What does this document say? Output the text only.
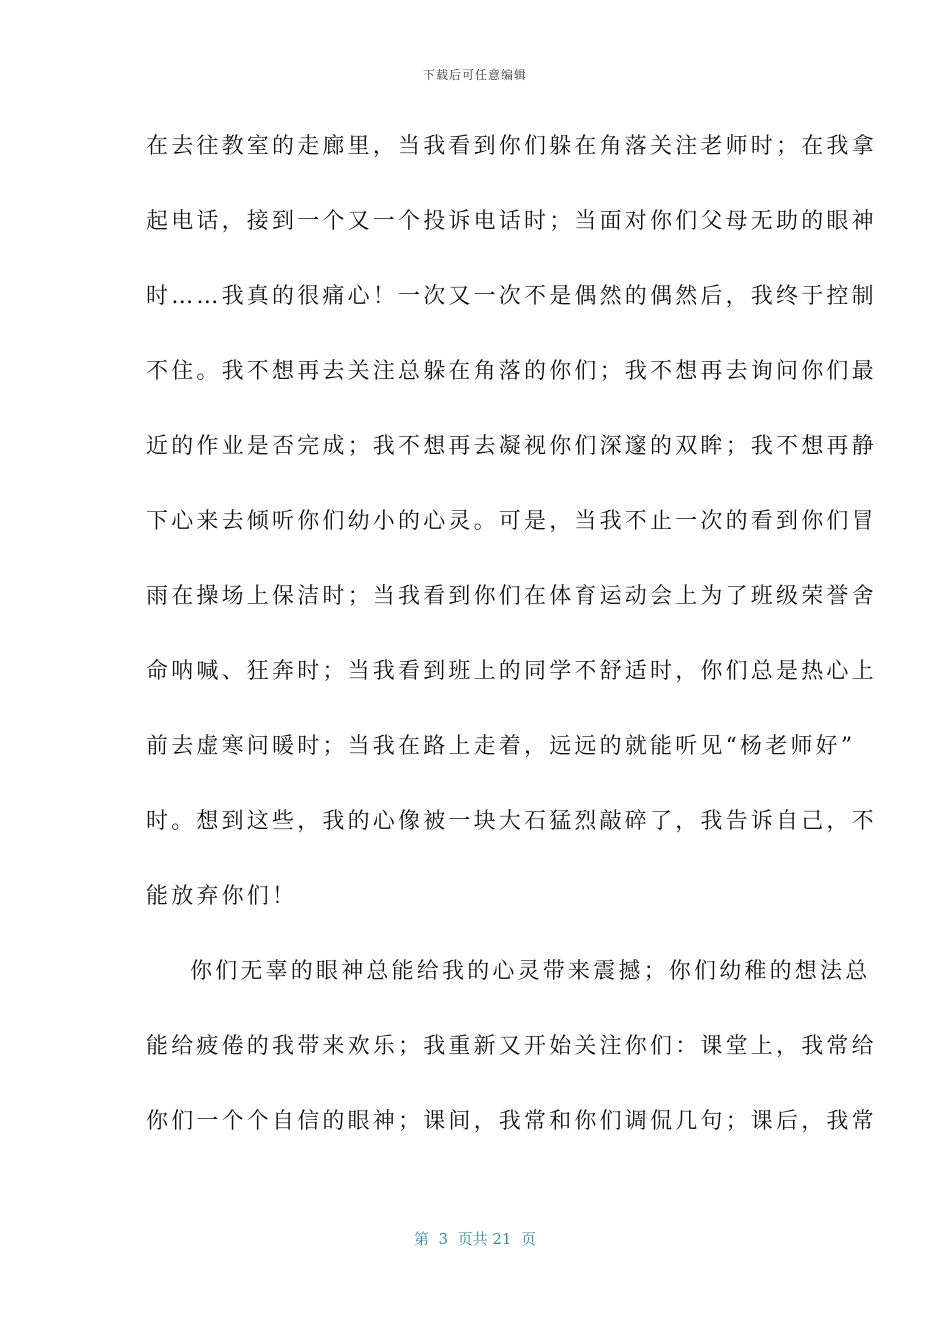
下载后可任意编辑
在去往教室的走廊里，当我看到你们躲在角落关注老师时；在我拿
起电话，接到一个又一个投诉电话时；当面对你们父母无助的眼神
时……我真的很痛心！一次又一次不是偶然的偶然后，我终于控制
不住。我不想再去关注总躲在角落的你们；我不想再去询问你们最
近的作业是否完成；我不想再去凝视你们深邃的双眸；我不想再静
下心来去倾听你们幼小的心灵。可是，当我不止一次的看到你们冒
雨在操场上保洁时；当我看到你们在体育运动会上为了班级荣誉舍
命呐喊、狂奔时；当我看到班上的同学不舒适时，你们总是热心上
前去虚寒问暖时；当我在路上走着，远远的就能听见“杨老师好”
时。想到这些，我的心像被一块大石猛烈敲碎了，我告诉自己，不
能放弃你们！
你们无辜的眼神总能给我的心灵带来震撼；你们幼稚的想法总
能给疲倦的我带来欢乐；我重新又开始关注你们：课堂上，我常给
你们一个个自信的眼神；课间，我常和你们调侃几句；课后，我常
第  3  页共 21  页
